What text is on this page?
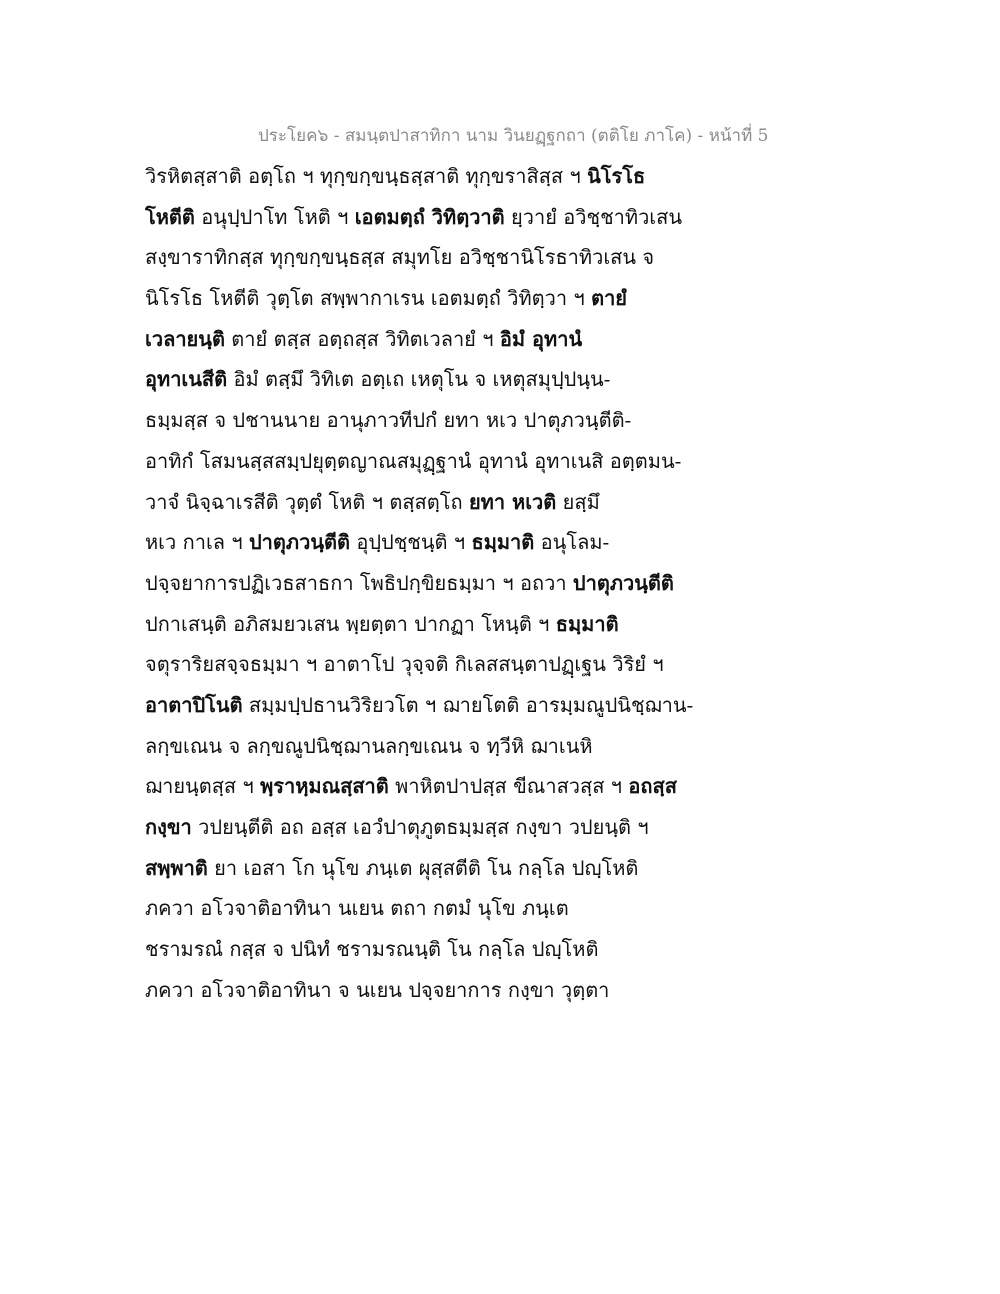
ประโยค๖ - สมนฺตปาสาทิกา นาม วินยฏฺฐกถา (ตติโย ภาโค) - หน้าที่ 5
วิรหิตสฺสาติ อตฺโถ ฯ ทุกฺขกฺขนฺธสฺสาติ ทุกฺขราสิสฺส ฯ นิโรโธ
โหตีติ อนุปฺปาโท โหติ ฯ เอตมตฺถํ วิทิตฺวาติ ยฺวายํ อวิชฺชาทิวเสน
สงฺขาราทิกสฺส ทุกฺขกฺขนฺธสฺส สมุทโย อวิชฺชานิโรธาทิวเสน จ
นิโรโธ โหตีติ วุตฺโต สพฺพากาเรน เอตมตฺถํ วิทิตฺวา ฯ ตายํ
เวลายนฺติ ตายํ ตสฺส อตฺถสฺส วิทิตเวลายํ ฯ อิมํ อุทานํ
อุทาเนสีติ อิมํ ตสฺมึ วิทิเต อตฺเถ เหตุโน จ เหตุสมุปฺปนฺน-
ธมฺมสฺส จ ปชานนาย อานุภาวทีปกํ ยทา หเว ปาตุภวนฺตีติ-
อาทิกํ โสมนสฺสสมฺปยุตฺตญาณสมุฏฺฐานํ อุทานํ อุทาเนสิ อตฺตมน-
วาจํ นิจฺฉาเรสีติ วุตฺตํ โหติ ฯ ตสฺสตฺโถ ยทา หเวติ ยสฺมึ
หเว กาเล ฯ ปาตุภวนฺตีติ อุปฺปชฺชนฺติ ฯ ธมฺมาติ อนุโลม-
ปจฺจยาการปฏิเวธสาธกา โพธิปกฺขิยธมฺมา ฯ อถวา ปาตุภวนฺตีติ
ปกาเสนฺติ อภิสมยวเสน พฺยตฺตา ปากฏา โหนฺติ ฯ ธมฺมาติ
จตุราริยสจฺจธมฺมา ฯ อาตาโป วุจฺจติ กิเลสสนฺตาปฏฺเฐน วิริยํ ฯ
อาตาปิโนติ สมฺมปฺปธานวิริยวโต ฯ ฌายโตติ อารมฺมณูปนิชฺฌาน-
ลกฺขเณน จ ลกฺขณูปนิชฺฌานลกฺขเณน จ ทฺวีหิ ฌาเนหิ
ฌายนฺตสฺส ฯ พฺราหฺมณสฺสาติ พาหิตปาปสฺส ขีณาสวสฺส ฯ อถสฺส
กงฺขา วปยนฺตีติ อถ อสฺส เอวํปาตุภูตธมฺมสฺส กงฺขา วปยนฺติ ฯ
สพฺพาติ ยา เอสา โก นุโข ภนฺเต ผุสฺสตีติ โน กลฺโล ปญฺโหติ
ภควา อโวจาติอาทินา นเยน ตถา กตมํ นุโข ภนฺเต
ชรามรณํ กสฺส จ ปนิทํ ชรามรณนฺติ โน กลฺโล ปญฺโหติ
ภควา อโวจาติอาทินา จ นเยน ปจฺจยาการ กงฺขา วุตฺตา
